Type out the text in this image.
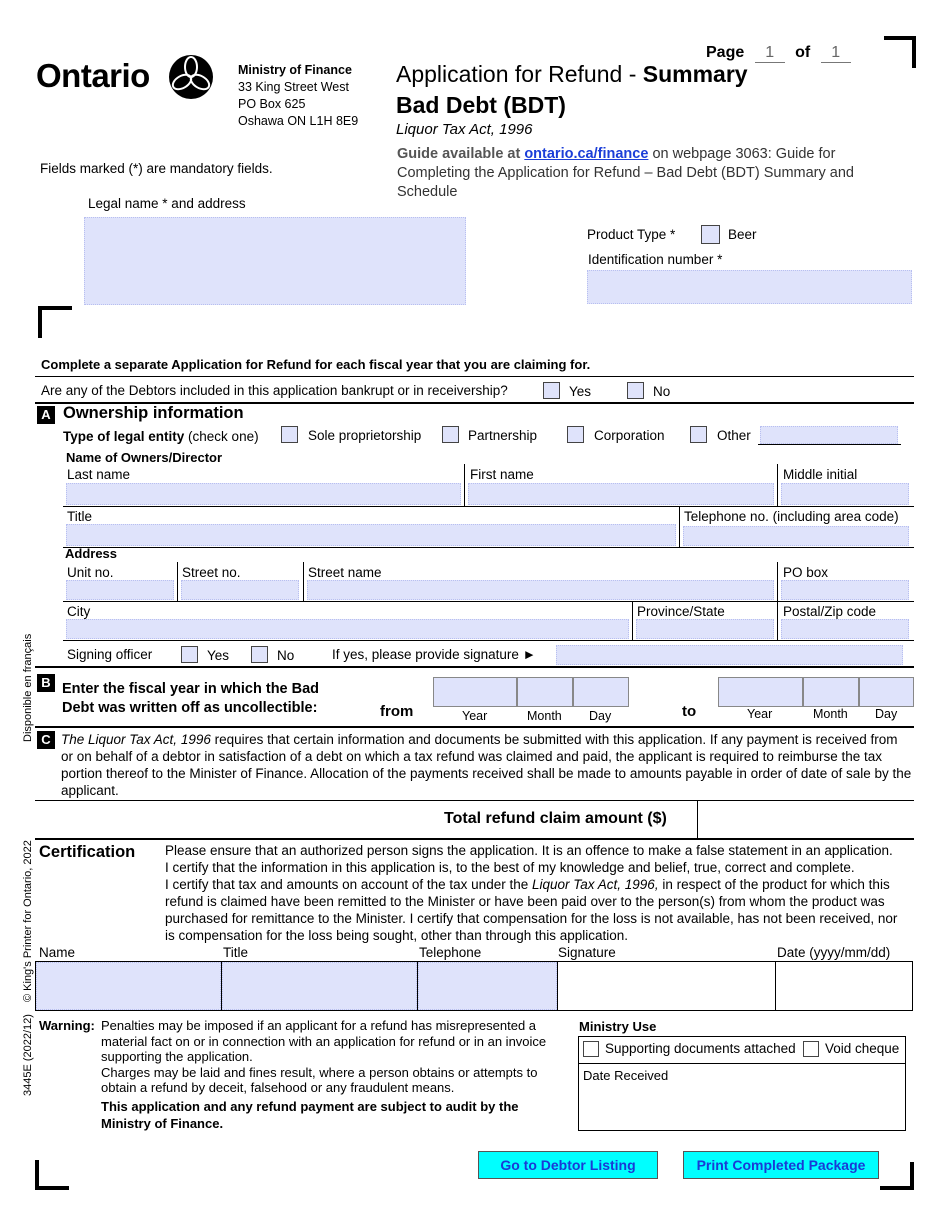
Page 1 of 1
Ontario	Ministry of Finance
33 King Street West
PO Box 625
Oshawa ON L1H 8E9
Application for Refund - Summary
Bad Debt (BDT)
Liquor Tax Act, 1996
Guide available at ontario.ca/finance on webpage 3063: Guide for Completing the Application for Refund – Bad Debt (BDT) Summary and Schedule
Fields marked (*) are mandatory fields.
Legal name * and address
Product Type *	Beer
Identification number *
Complete a separate Application for Refund for each fiscal year that you are claiming for.
Are any of the Debtors included in this application bankrupt or in receivership?	Yes	No
A Ownership information
Type of legal entity (check one)	Sole proprietorship	Partnership	Corporation	Other
Name of Owners/Director
Last name	First name	Middle initial
Title	Telephone no. (including area code)
Address
Unit no.	Street no.	Street name	PO box
City	Province/State	Postal/Zip code
Signing officer	Yes	No	If yes, please provide signature ►
B Enter the fiscal year in which the Bad
Debt was written off as uncollectible:	from	Year	Month Day	to	Year	Month Day
C The Liquor Tax Act, 1996 requires that certain information and documents be submitted with this application. If any payment is received from or on behalf of a debtor in satisfaction of a debt on which a tax refund was claimed and paid, the applicant is required to reimburse the tax portion thereof to the Minister of Finance. Allocation of the payments received shall be made to amounts payable in order of date of sale by the applicant.
Total refund claim amount ($)
Certification Please ensure that an authorized person signs the application. It is an offence to make a false statement in an application.
I certify that the information in this application is, to the best of my knowledge and belief, true, correct and complete.
I certify that tax and amounts on account of the tax under the Liquor Tax Act, 1996, in respect of the product for which this refund is claimed have been remitted to the Minister or have been paid over to the person(s) from whom the product was purchased for remittance to the Minister. I certify that compensation for the loss is not available, has not been received, nor is compensation for the loss being sought, other than through this application.
Name	Title	Telephone	Signature	Date (yyyy/mm/dd)
Warning: Penalties may be imposed if an applicant for a refund has misrepresented a material fact on or in connection with an application for refund or in an invoice supporting the application.
Charges may be laid and fines result, where a person obtains or attempts to obtain a refund by deceit, falsehood or any fraudulent means.
This application and any refund payment are subject to audit by the Ministry of Finance.
Ministry Use
Supporting documents attached Void cheque
Date Received
Disponible en français
© King's Printer for Ontario, 2022
3445E (2022/12)
Go to Debtor Listing	Print Completed Package
